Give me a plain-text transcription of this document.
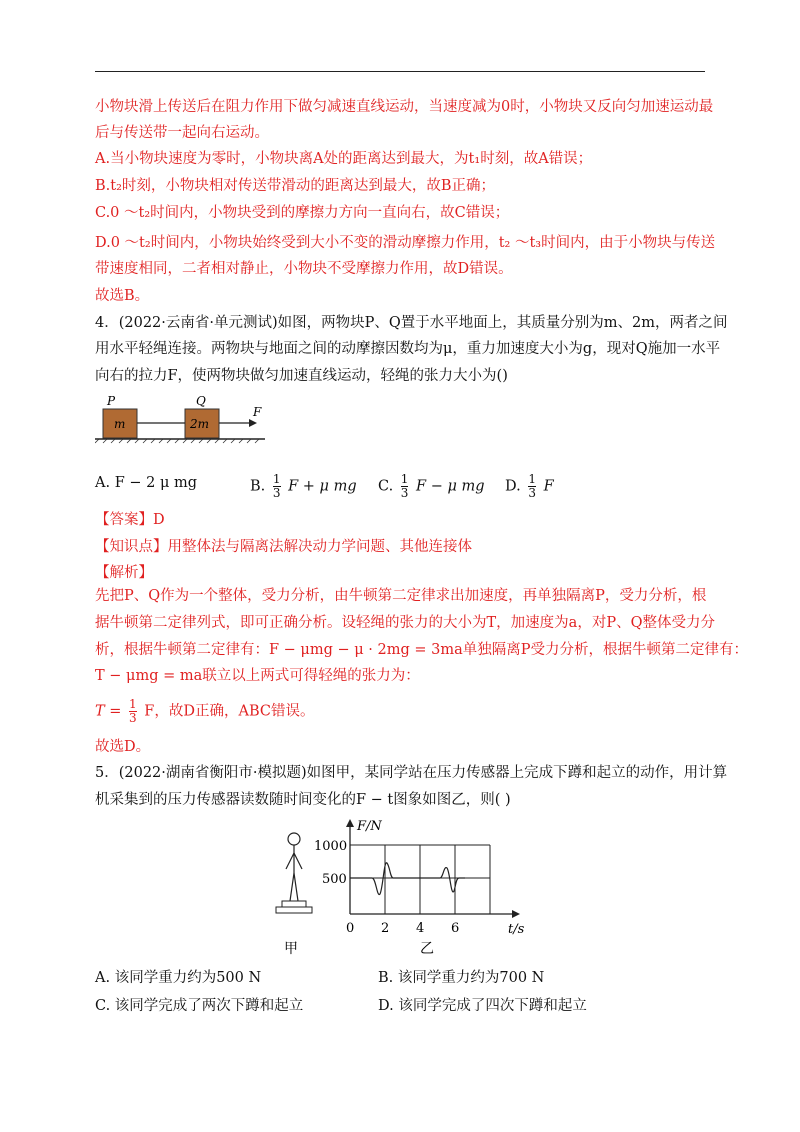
小物块滑上传送后在阻力作用下做匀减速直线运动，当速度减为0时，小物块又反向匀加速运动最
后与传送带一起向右运动。
A.当小物块速度为零时，小物块离A处的距离达到最大，为t₁时刻，故A错误；
B.t₂时刻，小物块相对传送带滑动的距离达到最大，故B正确；
C.0 ～t₂时间内，小物块受到的摩擦力方向一直向右，故C错误；
D.0 ～t₂时间内，小物块始终受到大小不变的滑动摩擦力作用，t₂ ～t₃时间内，由于小物块与传送
带速度相同，二者相对静止，小物块不受摩擦力作用，故D错误。
故选B。
4．(2022·云南省·单元测试)如图，两物块P、Q置于水平地面上，其质量分别为m、2m，两者之间
用水平轻绳连接。两物块与地面之间的动摩擦因数均为μ，重力加速度大小为g，现对Q施加一水平
向右的拉力F，使两物块做匀加速直线运动，轻绳的张力大小为()
P	Q
F
m	2m
A. F − 2 μ mg	B. $\frac{1}{3}$ F + μ mg C. $\frac{1}{3}$ F − μ mg D. $\frac{1}{3}$ F
【答案】D
【知识点】用整体法与隔离法解决动力学问题、其他连接体
【解析】
先把P、Q作为一个整体，受力分析，由牛顿第二定律求出加速度，再单独隔离P，受力分析，根
据牛顿第二定律列式，即可正确分析。设轻绳的张力的大小为T，加速度为a，对P、Q整体受力分
析，根据牛顿第二定律有：F − μmg − μ · 2mg = 3ma单独隔离P受力分析，根据牛顿第二定律有：
T − μmg = ma联立以上两式可得轻绳的张力为：
$T = \frac{1}{3}$ F，故D正确，ABC错误。
故选D。
5．(2022·湖南省衡阳市·模拟题)如图甲，某同学站在压力传感器上完成下蹲和起立的动作，用计算
机采集到的压力传感器读数随时间变化的F − t图象如图乙，则( )
甲
F/N
1000
500
0 2 4 6	t/s
乙
A. 该同学重力约为500 N	B. 该同学重力约为700 N
C. 该同学完成了两次下蹲和起立	D. 该同学完成了四次下蹲和起立
